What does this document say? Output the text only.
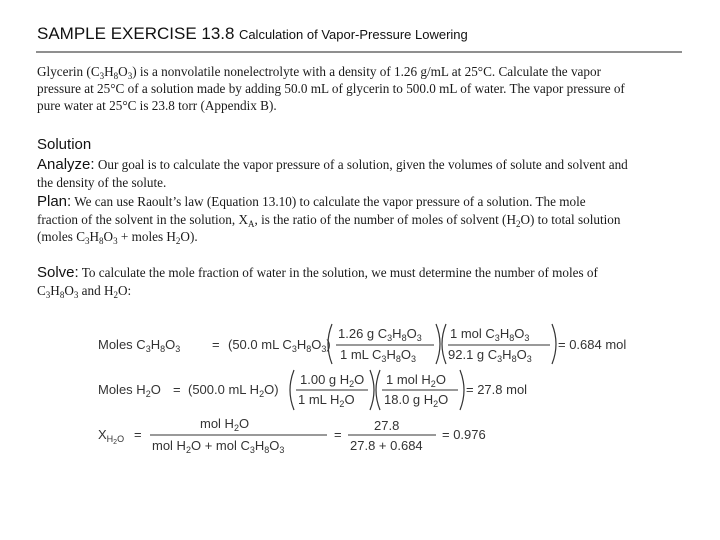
SAMPLE EXERCISE 13.8 Calculation of Vapor-Pressure Lowering
Glycerin $(C_3H_8O_3)$ is a nonvolatile nonelectrolyte with a density of 1.26 g/mL at 25°C. Calculate the vapor
pressure at 25°C of a solution made by adding 50.0 mL of glycerin to 500.0 mL of water. The vapor pressure of
pure water at 25°C is 23.8 torr (Appendix B).
Solution
Analyze: Our goal is to calculate the vapor pressure of a solution, given the volumes of solute and solvent and
the density of the solute.
Plan: We can use Raoult’s law (Equation 13.10) to calculate the vapor pressure of a solution. The mole
fraction of the solvent in the solution, $X_A$, is the ratio of the number of moles of solvent $(H_2O)$ to total solution
(moles $C_3H_8O_3$ + moles $H_2O$).
Solve: To calculate the mole fraction of water in the solution, we must determine the number of moles of
$C_3H_8O_3$ and $H_2O$:
Moles $C_3H_8O_3 = (50.0$ mL $C_3H_8O_3$)
1.26 g $C_3H_8O_3$
1 mL $C_3H_8O_3$
1 mol $C_3H_8O_3$
92.1 g $C_3H_8O_3$
= 0.684 mol
Moles $H_2O = (500.0$ mL $H_2O$)
1.00 g $H_2O$
1 mL $H_2O$
1 mol $H_2O$
18.0 g $H_2O$
= 27.8 mol
$X_H2O$ =
mol $H_2O$
mol $H_2O$ + mol $C_3H_8O_3$
=
27.8
27.8 + 0.684
= 0.976
